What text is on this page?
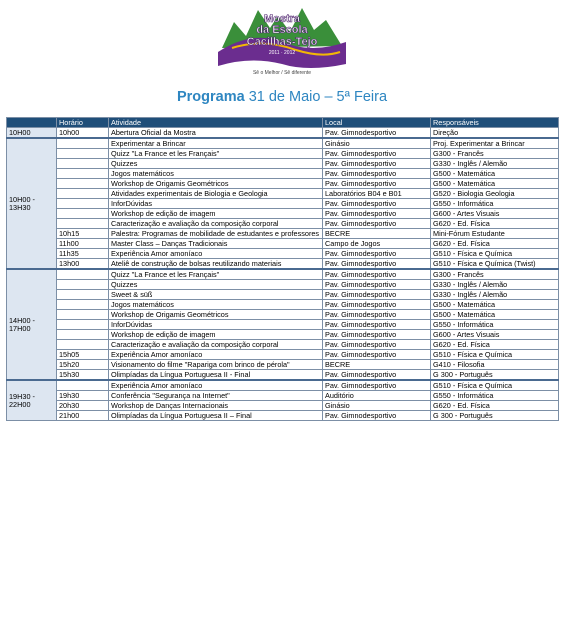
Mostra
da Escola
Cacilhas-Tejo
2011 · 2012
Sê o Melhor / Sê diferente
Programa 31 de Maio – 5ª Feira
	Horário	Atividade	Local	Responsáveis
10H00	10h00	Abertura Oficial da Mostra	Pav. Gimnodesportivo	Direção
10H00 - 13H30		Experimentar a Brincar	Ginásio	Proj. Experimentar a Brincar
		Quizz "La France et les Français"	Pav. Gimnodesportivo	G300 - Francês
		Quizzes	Pav. Gimnodesportivo	G330 - Inglês / Alemão
		Jogos matemáticos	Pav. Gimnodesportivo	G500 - Matemática
		Workshop de Origamis Geométricos	Pav. Gimnodesportivo	G500 - Matemática
		Atividades experimentais de Biologia e Geologia	Laboratórios B04 e B01	G520 - Biologia Geologia
		InforDúvidas	Pav. Gimnodesportivo	G550 - Informática
		Workshop de edição de imagem	Pav. Gimnodesportivo	G600 - Artes Visuais
		Caracterização e avaliação da composição corporal	Pav. Gimnodesportivo	G620 - Ed. Física
	10h15	Palestra: Programas de mobilidade de estudantes e professores	BECRE	Mini-Fórum Estudante
	11h00	Master Class – Danças Tradicionais	Campo de Jogos	G620 - Ed. Física
	11h35	Experiência Amor amoníaco	Pav. Gimnodesportivo	G510 - Física e Química
	13h00	Ateliê de construção de bolsas reutilizando materiais	Pav. Gimnodesportivo	G510 - Física e Química (Twist)
14H00 - 17H00		Quizz "La France et les Français"	Pav. Gimnodesportivo	G300 - Francês
		Quizzes	Pav. Gimnodesportivo	G330 - Inglês / Alemão
		Sweet & süß	Pav. Gimnodesportivo	G330 - Inglês / Alemão
		Jogos matemáticos	Pav. Gimnodesportivo	G500 - Matemática
		Workshop de Origamis Geométricos	Pav. Gimnodesportivo	G500 - Matemática
		InforDúvidas	Pav. Gimnodesportivo	G550 - Informática
		Workshop de edição de imagem	Pav. Gimnodesportivo	G600 - Artes Visuais
		Caracterização e avaliação da composição corporal	Pav. Gimnodesportivo	G620 - Ed. Física
	15h05	Experiência Amor amoníaco	Pav. Gimnodesportivo	G510 - Física e Química
	15h20	Visionamento do filme "Rapariga com brinco de pérola"	BECRE	G410 - Filosofia
	15h30	Olimpíadas da Língua Portuguesa II - Final	Pav. Gimnodesportivo	G 300 - Português
19H30 - 22H00		Experiência Amor amoníaco	Pav. Gimnodesportivo	G510 - Física e Química
	19h30	Conferência "Segurança na Internet"	Auditório	G550 - Informática
	20h30	Workshop de Danças Internacionais	Ginásio	G620 - Ed. Física
	21h00	Olimpíadas da Língua Portuguesa II – Final	Pav. Gimnodesportivo	G 300 - Português
